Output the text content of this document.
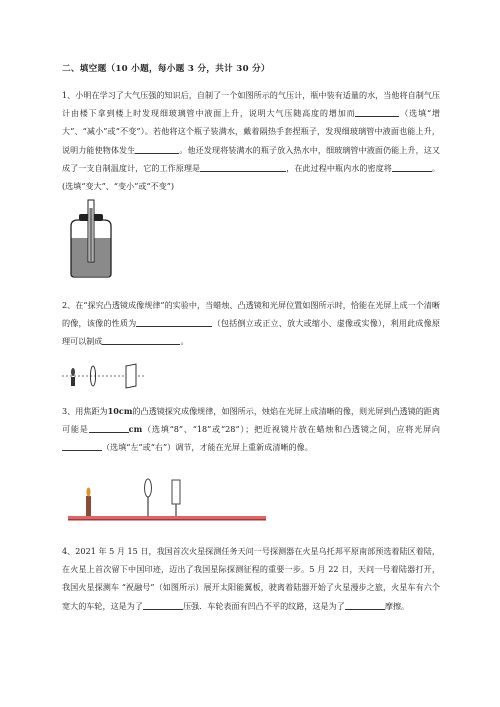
二、填空题（10 小题，每小题 3 分，共计 30 分）
1、小明在学习了大气压强的知识后，自制了一个如图所示的气压计，瓶中装有适量的水，当他将自制气压计由楼下拿到楼上时发现细玻璃管中液面上升，说明大气压随高度的增加而	（选填“增大”、“减小”或“不变”）。若他将这个瓶子装满水，戴着隔热手套捏瓶子，发现细玻璃管中液面也能上升，说明力能使物体发生	。他还发现将装满水的瓶子放入热水中，细玻璃管中液面仍能上升，这又成了一支自制温度计，它的工作原理是	，在此过程中瓶内水的密度将	。(选填“变大”、“变小”或“不变”)
2、在“探究凸透镜成像规律”的实验中，当蜡烛、凸透镜和光屏位置如图所示时，恰能在光屏上成一个清晰的像，该像的性质为	（包括倒立或正立、放大或缩小、虚像或实像），利用此成像原理可以制成	。
3、用焦距为10cm的凸透镜探究成像规律，如图所示，烛焰在光屏上成清晰的像，则光屏到凸透镜的距离可能是	cm（选填“8”、“18”或“28”）；把近视镜片放在蜡烛和凸透镜之间，应将光屏向（选填“左”或“右”）调节，才能在光屏上重新成清晰的像。
4、2021 年 5 月 15 日，我国首次火星探测任务天问一号探测器在火星乌托邦平原南部预选着陆区着陆，在火星上首次留下中国印迹，迈出了我国星际探测征程的重要一步。5 月 22 日，天问一号着陆器打开，我国火星探测车 “祝融号”（如图所示）展开太阳能翼板，驶离着陆器开始了火星漫步之旅，火星车有六个宽大的车轮，这是为了	压强．车轮表面有凹凸不平的纹路，这是为了	摩擦。
